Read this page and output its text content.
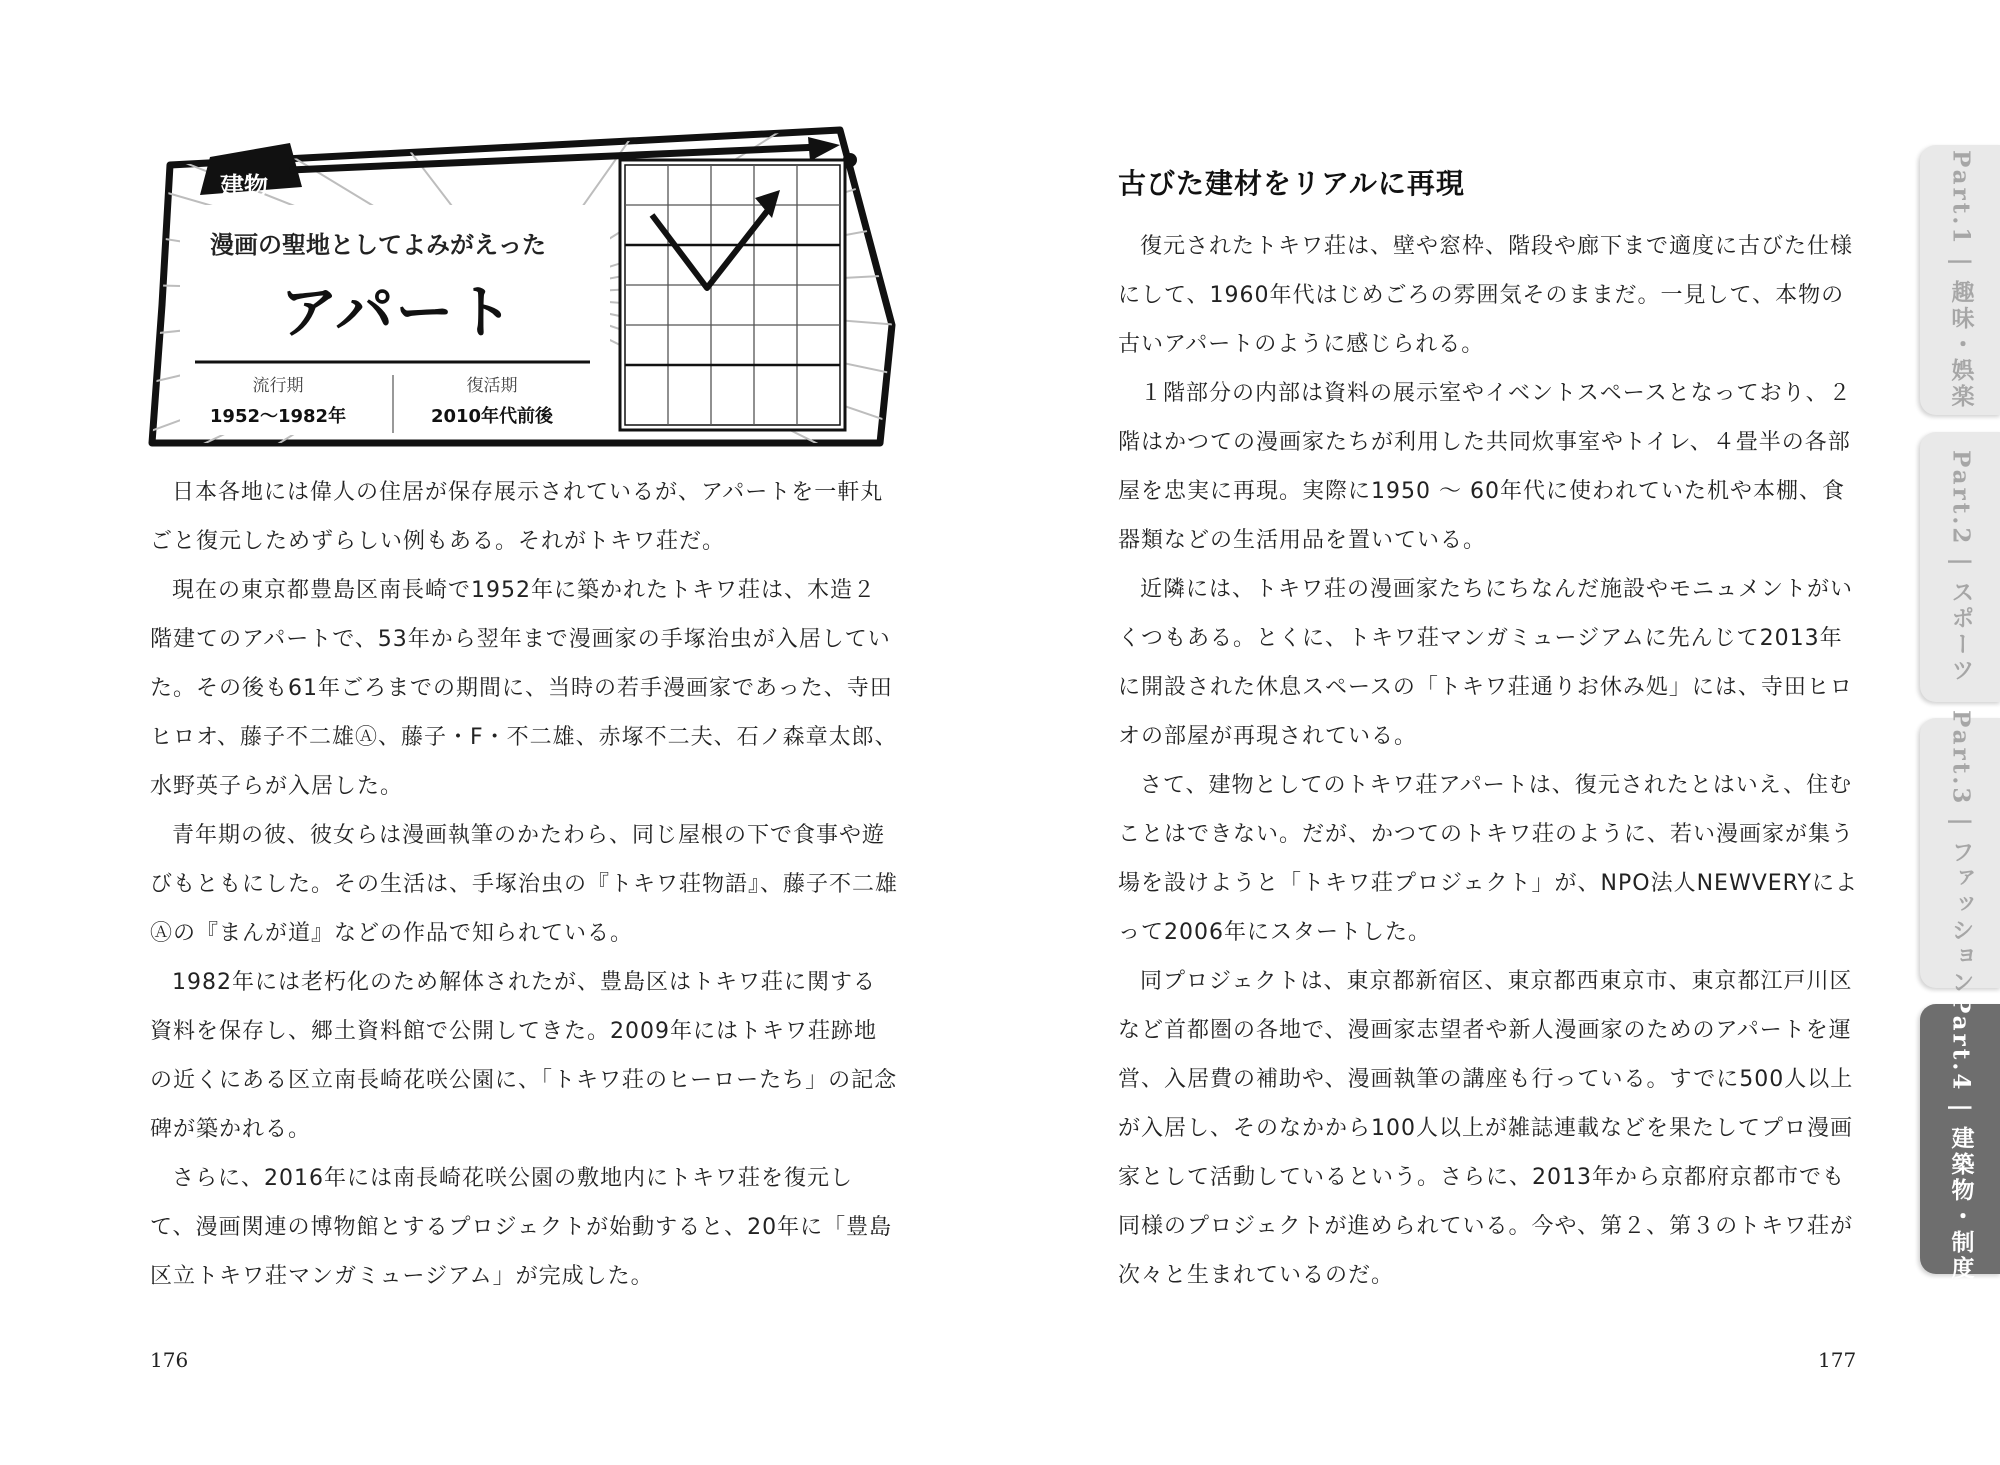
建物
漫画の聖地としてよみがえった
アパート
流行期
1952〜1982年
復活期
2010年代前後

日本各地には偉人の住居が保存展示されているが、アパートを一軒丸ごと復元しためずらしい例もある。それがトキワ荘だ。

現在の東京都豊島区南長崎で1952年に築かれたトキワ荘は、木造２階建てのアパートで、53年から翌年まで漫画家の手塚治虫が入居していた。その後も61年ごろまでの期間に、当時の若手漫画家であった、寺田ヒロオ、藤子不二雄Ⓐ、藤子・F・不二雄、赤塚不二夫、石ノ森章太郎、水野英子らが入居した。

青年期の彼、彼女らは漫画執筆のかたわら、同じ屋根の下で食事や遊びもともにした。その生活は、手塚治虫の『トキワ荘物語』、藤子不二雄Ⓐの『まんが道』などの作品で知られている。

1982年には老朽化のため解体されたが、豊島区はトキワ荘に関する資料を保存し、郷土資料館で公開してきた。2009年にはトキワ荘跡地の近くにある区立南長崎花咲公園に、「トキワ荘のヒーローたち」の記念碑が築かれる。

さらに、2016年には南長崎花咲公園の敷地内にトキワ荘を復元して、漫画関連の博物館とするプロジェクトが始動すると、20年に「豊島区立トキワ荘マンガミュージアム」が完成した。

176
古びた建材をリアルに再現

復元されたトキワ荘は、壁や窓枠、階段や廊下まで適度に古びた仕様にして、1960年代はじめごろの雰囲気そのままだ。一見して、本物の古いアパートのように感じられる。

１階部分の内部は資料の展示室やイベントスペースとなっており、２階はかつての漫画家たちが利用した共同炊事室やトイレ、４畳半の各部屋を忠実に再現。実際に1950 〜 60年代に使われていた机や本棚、食器類などの生活用品を置いている。

近隣には、トキワ荘の漫画家たちにちなんだ施設やモニュメントがいくつもある。とくに、トキワ荘マンガミュージアムに先んじて2013年に開設された休息スペースの「トキワ荘通りお休み処」には、寺田ヒロオの部屋が再現されている。

さて、建物としてのトキワ荘アパートは、復元されたとはいえ、住むことはできない。だが、かつてのトキワ荘のように、若い漫画家が集う場を設けようと「トキワ荘プロジェクト」が、NPO法人NEWVERYによって2006年にスタートした。

同プロジェクトは、東京都新宿区、東京都西東京市、東京都江戸川区など首都圏の各地で、漫画家志望者や新人漫画家のためのアパートを運営、入居費の補助や、漫画執筆の講座も行っている。すでに500人以上が入居し、そのなかから100人以上が雑誌連載などを果たしてプロ漫画家として活動しているという。さらに、2013年から京都府京都市でも同様のプロジェクトが進められている。今や、第２、第３のトキワ荘が次々と生まれているのだ。

177
Part.1 | 趣味・娯楽
Part.2 | スポーツ
Part.3 | ファッション
Part.4 | 建築物・制度
